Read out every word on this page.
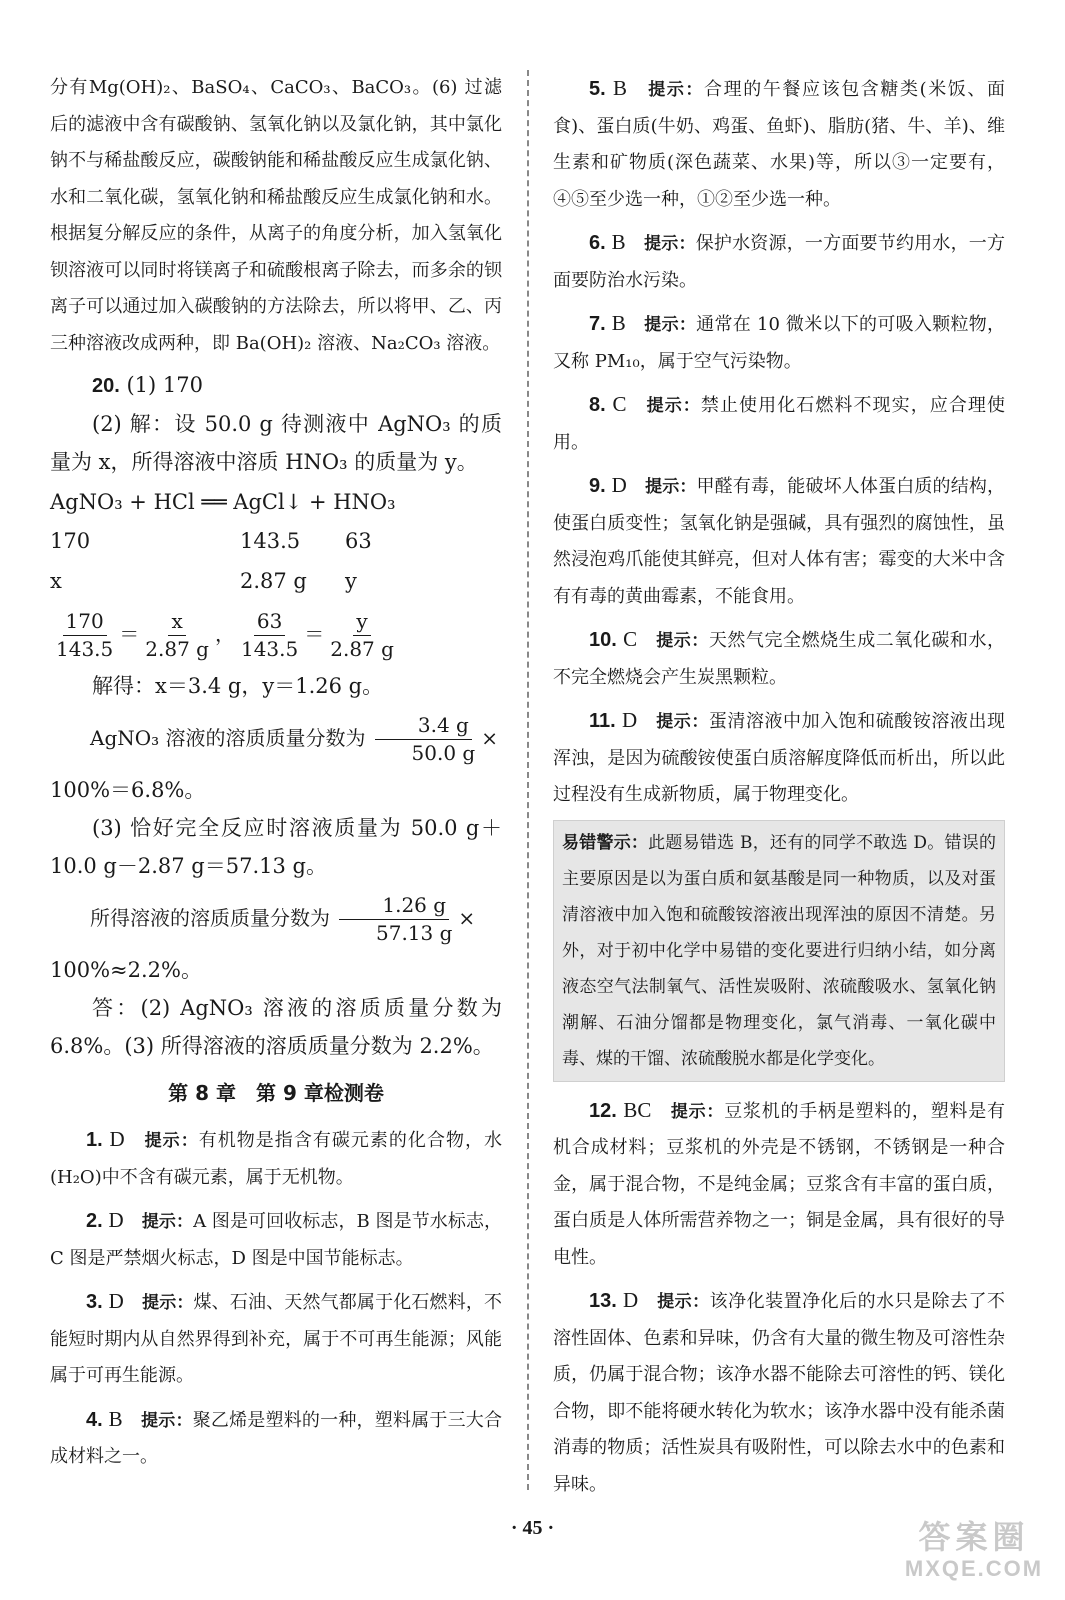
分有Mg(OH)₂、BaSO₄、CaCO₃、BaCO₃。(6) 过滤后的滤液中含有碳酸钠、氢氧化钠以及氯化钠，其中氯化钠不与稀盐酸反应，碳酸钠能和稀盐酸反应生成氯化钠、水和二氧化碳，氢氧化钠和稀盐酸反应生成氯化钠和水。根据复分解反应的条件，从离子的角度分析，加入氢氧化钡溶液可以同时将镁离子和硫酸根离子除去，而多余的钡离子可以通过加入碳酸钠的方法除去，所以将甲、乙、丙三种溶液改成两种，即 Ba(OH)₂ 溶液、Na₂CO₃ 溶液。

20. (1) 170

(2) 解：设 50.0 g 待测液中 AgNO₃ 的质量为 x，所得溶液中溶质 HNO₃ 的质量为 y。

AgNO₃ + HCl ══ AgCl↓ + HNO₃

170	143.5	63
x	2.87 g	y

$\frac{170}{143.5} = \frac{x}{2.87 g}$ ， $\frac{63}{143.5} = \frac{y}{2.87 g}$

解得：x＝3.4 g，y＝1.26 g。

AgNO₃ 溶液的溶质质量分数为 $\frac{3.4 g}{50.0 g}$ ×

100%＝6.8%。

(3) 恰好完全反应时溶液质量为 50.0 g＋10.0 g－2.87 g＝57.13 g。

所得溶液的溶质质量分数为 $\frac{1.26 g}{57.13 g}$ ×

100%≈2.2%。

答：(2) AgNO₃ 溶液的溶质质量分数为 6.8%。(3) 所得溶液的溶质质量分数为 2.2%。

第 8 章　第 9 章检测卷

1. D　 提示：有机物是指含有碳元素的化合物，水(H₂O)中不含有碳元素，属于无机物。

2. D　 提示：A 图是可回收标志，B 图是节水标志，C 图是严禁烟火标志，D 图是中国节能标志。

3. D　 提示：煤、石油、天然气都属于化石燃料，不能短时期内从自然界得到补充，属于不可再生能源；风能属于可再生能源。

4. B　 提示：聚乙烯是塑料的一种，塑料属于三大合成材料之一。

5. B　 提示：合理的午餐应该包含糖类(米饭、面食)、蛋白质(牛奶、鸡蛋、鱼虾)、脂肪(猪、牛、羊)、维生素和矿物质(深色蔬菜、水果)等，所以③一定要有，④⑤至少选一种，①②至少选一种。

6. B　 提示：保护水资源，一方面要节约用水，一方面要防治水污染。

7. B　 提示：通常在 10 微米以下的可吸入颗粒物，又称 PM₁₀，属于空气污染物。

8. C　 提示：禁止使用化石燃料不现实，应合理使用。

9. D　 提示：甲醛有毒，能破坏人体蛋白质的结构，使蛋白质变性；氢氧化钠是强碱，具有强烈的腐蚀性，虽然浸泡鸡爪能使其鲜亮，但对人体有害；霉变的大米中含有有毒的黄曲霉素，不能食用。

10. C　 提示：天然气完全燃烧生成二氧化碳和水，不完全燃烧会产生炭黑颗粒。

11. D　 提示：蛋清溶液中加入饱和硫酸铵溶液出现浑浊，是因为硫酸铵使蛋白质溶解度降低而析出，所以此过程没有生成新物质，属于物理变化。

易错警示：此题易错选 B，还有的同学不敢选 D。错误的主要原因是以为蛋白质和氨基酸是同一种物质，以及对蛋清溶液中加入饱和硫酸铵溶液出现浑浊的原因不清楚。另外，对于初中化学中易错的变化要进行归纳小结，如分离液态空气法制氧气、活性炭吸附、浓硫酸吸水、氢氧化钠潮解、石油分馏都是物理变化，氯气消毒、一氧化碳中毒、煤的干馏、浓硫酸脱水都是化学变化。

12. BC　 提示：豆浆机的手柄是塑料的，塑料是有机合成材料；豆浆机的外壳是不锈钢，不锈钢是一种合金，属于混合物，不是纯金属；豆浆含有丰富的蛋白质，蛋白质是人体所需营养物之一；铜是金属，具有很好的导电性。

13. D　 提示：该净化装置净化后的水只是除去了不溶性固体、色素和异味，仍含有大量的微生物及可溶性杂质，仍属于混合物；该净水器不能除去可溶性的钙、镁化合物，即不能将硬水转化为软水；该净水器中没有能杀菌消毒的物质；活性炭具有吸附性，可以除去水中的色素和异味。

· 45 ·	答案圈
MXQE.COM
